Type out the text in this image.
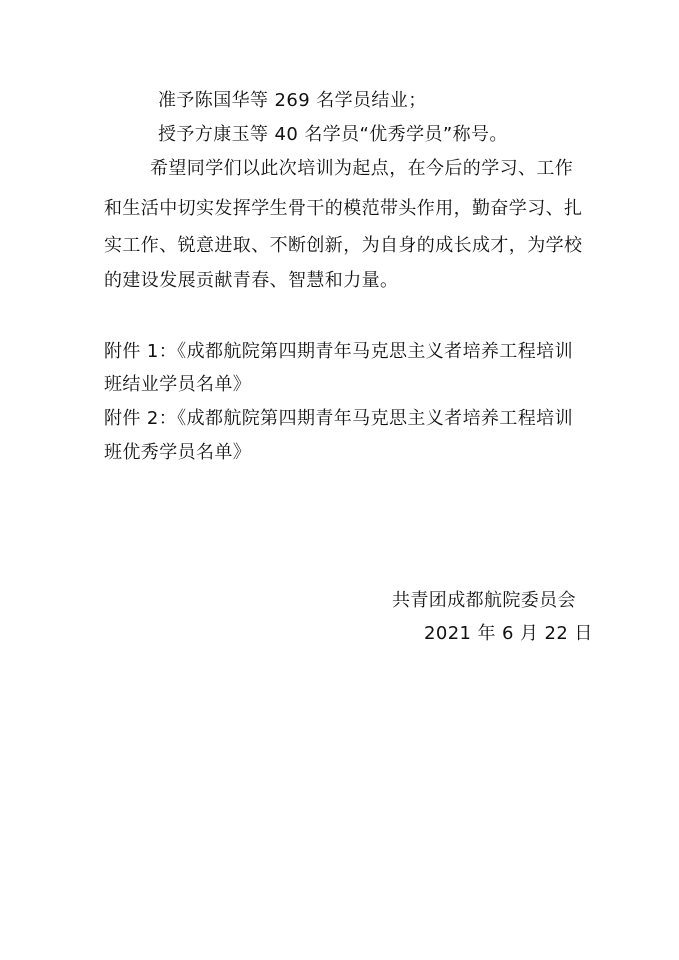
准予陈国华等 269 名学员结业；
授予方康玉等 40 名学员“优秀学员”称号。
希望同学们以此次培训为起点，在今后的学习、工作
和生活中切实发挥学生骨干的模范带头作用，勤奋学习、扎
实工作、锐意进取、不断创新，为自身的成长成才，为学校
的建设发展贡献青春、智慧和力量。
附件 1：《成都航院第四期青年马克思主义者培养工程培训
班结业学员名单》
附件 2：《成都航院第四期青年马克思主义者培养工程培训
班优秀学员名单》
共青团成都航院委员会
2021 年 6 月 22 日
